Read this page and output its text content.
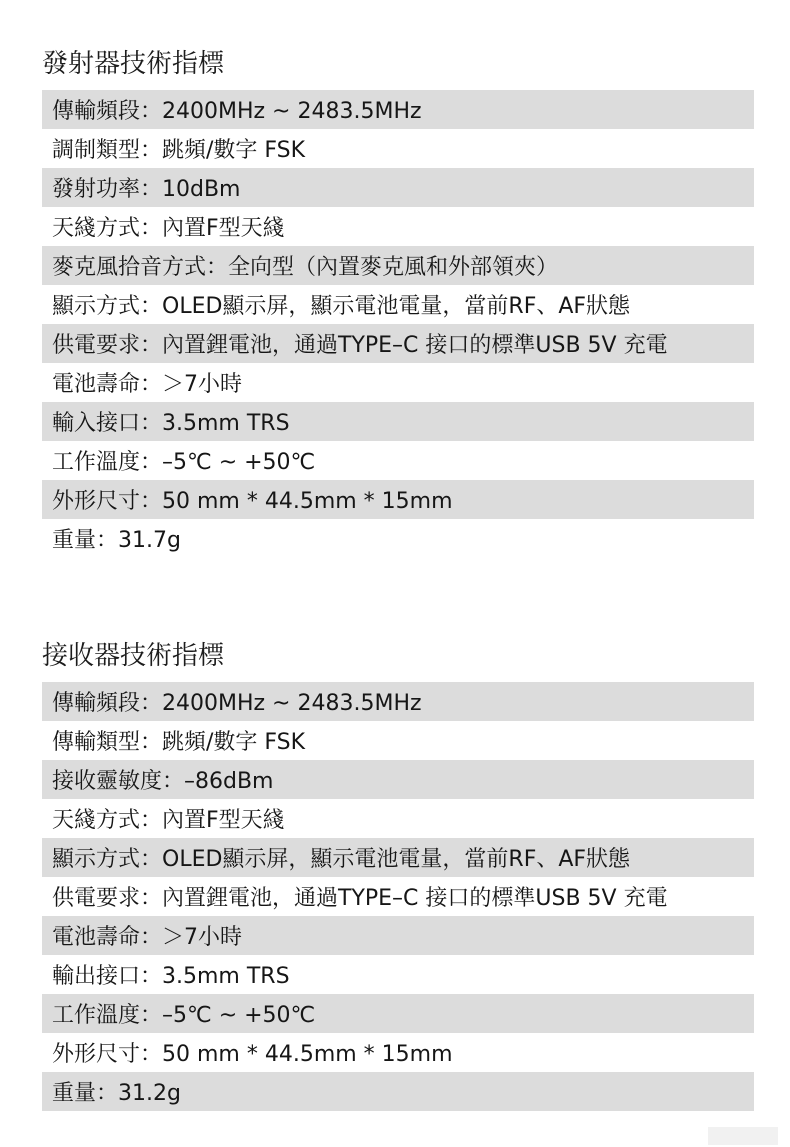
發射器技術指標
傳輸頻段：2400MHz ~ 2483.5MHz
調制類型：跳頻/數字 FSK
發射功率：10dBm
天綫方式：內置F型天綫
麥克風拾音方式：全向型（內置麥克風和外部領夾）
顯示方式：OLED顯示屏，顯示電池電量，當前RF、AF狀態
供電要求：內置鋰電池，通過TYPE–C 接口的標準USB 5V 充電
電池壽命：＞7小時
輸入接口：3.5mm TRS
工作溫度：–5℃ ~ +50℃
外形尺寸：50 mm * 44.5mm * 15mm
重量：31.7g
接收器技術指標
傳輸頻段：2400MHz ~ 2483.5MHz
傳輸類型：跳頻/數字 FSK
接收靈敏度：–86dBm
天綫方式：內置F型天綫
顯示方式：OLED顯示屏，顯示電池電量，當前RF、AF狀態
供電要求：內置鋰電池，通過TYPE–C 接口的標準USB 5V 充電
電池壽命：＞7小時
輸出接口：3.5mm TRS
工作溫度：–5℃ ~ +50℃
外形尺寸：50 mm * 44.5mm * 15mm
重量：31.2g
